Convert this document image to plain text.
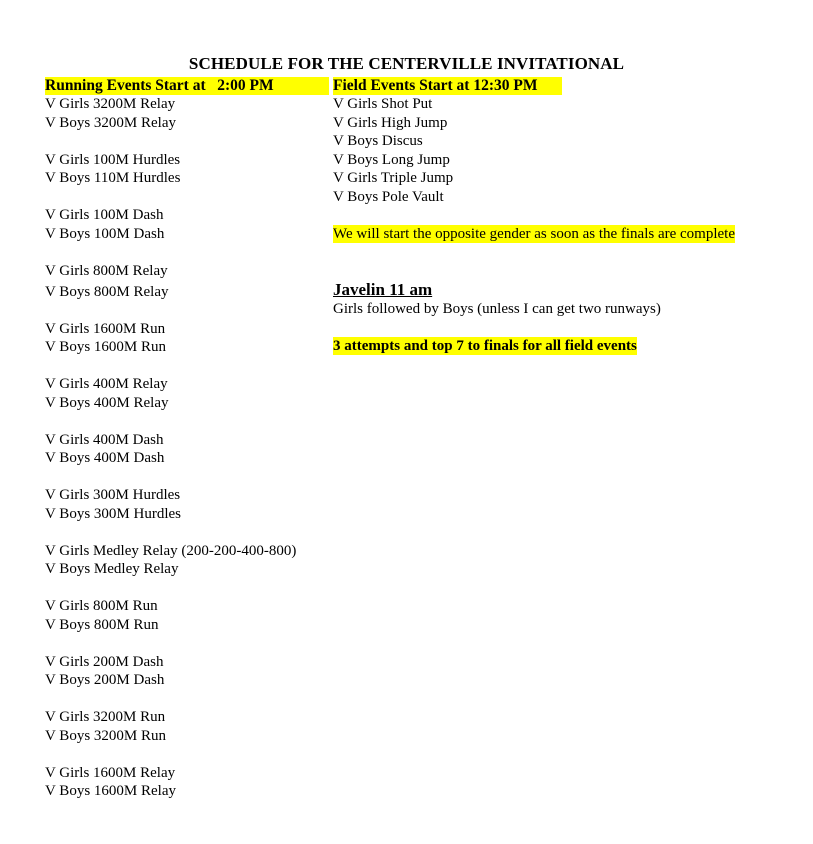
SCHEDULE FOR THE CENTERVILLE INVITATIONAL
Running Events Start at   2:00 PM	Field Events Start at 12:30 PM
V Girls 3200M Relay
V Boys 3200M Relay
V Girls 100M Hurdles
V Boys 110M Hurdles
V Girls 100M Dash
V Boys 100M Dash
V Girls 800M Relay
V Boys 800M Relay
V Girls 1600M Run
V Boys 1600M Run
V Girls 400M Relay
V Boys 400M Relay
V Girls 400M Dash
V Boys 400M Dash
V Girls 300M Hurdles
V Boys 300M Hurdles
V Girls Medley Relay (200-200-400-800)
V Boys Medley Relay
V Girls 800M Run
V Boys 800M Run
V Girls 200M Dash
V Boys 200M Dash
V Girls 3200M Run
V Boys 3200M Run
V Girls 1600M Relay
V Boys 1600M Relay
V Girls Shot Put
V Girls High Jump
V Boys Discus
V Boys Long Jump
V Girls Triple Jump
V Boys Pole Vault
We will start the opposite gender as soon as the finals are complete
Javelin 11 am
Girls followed by Boys (unless I can get two runways)
3 attempts and top 7 to finals for all field events
